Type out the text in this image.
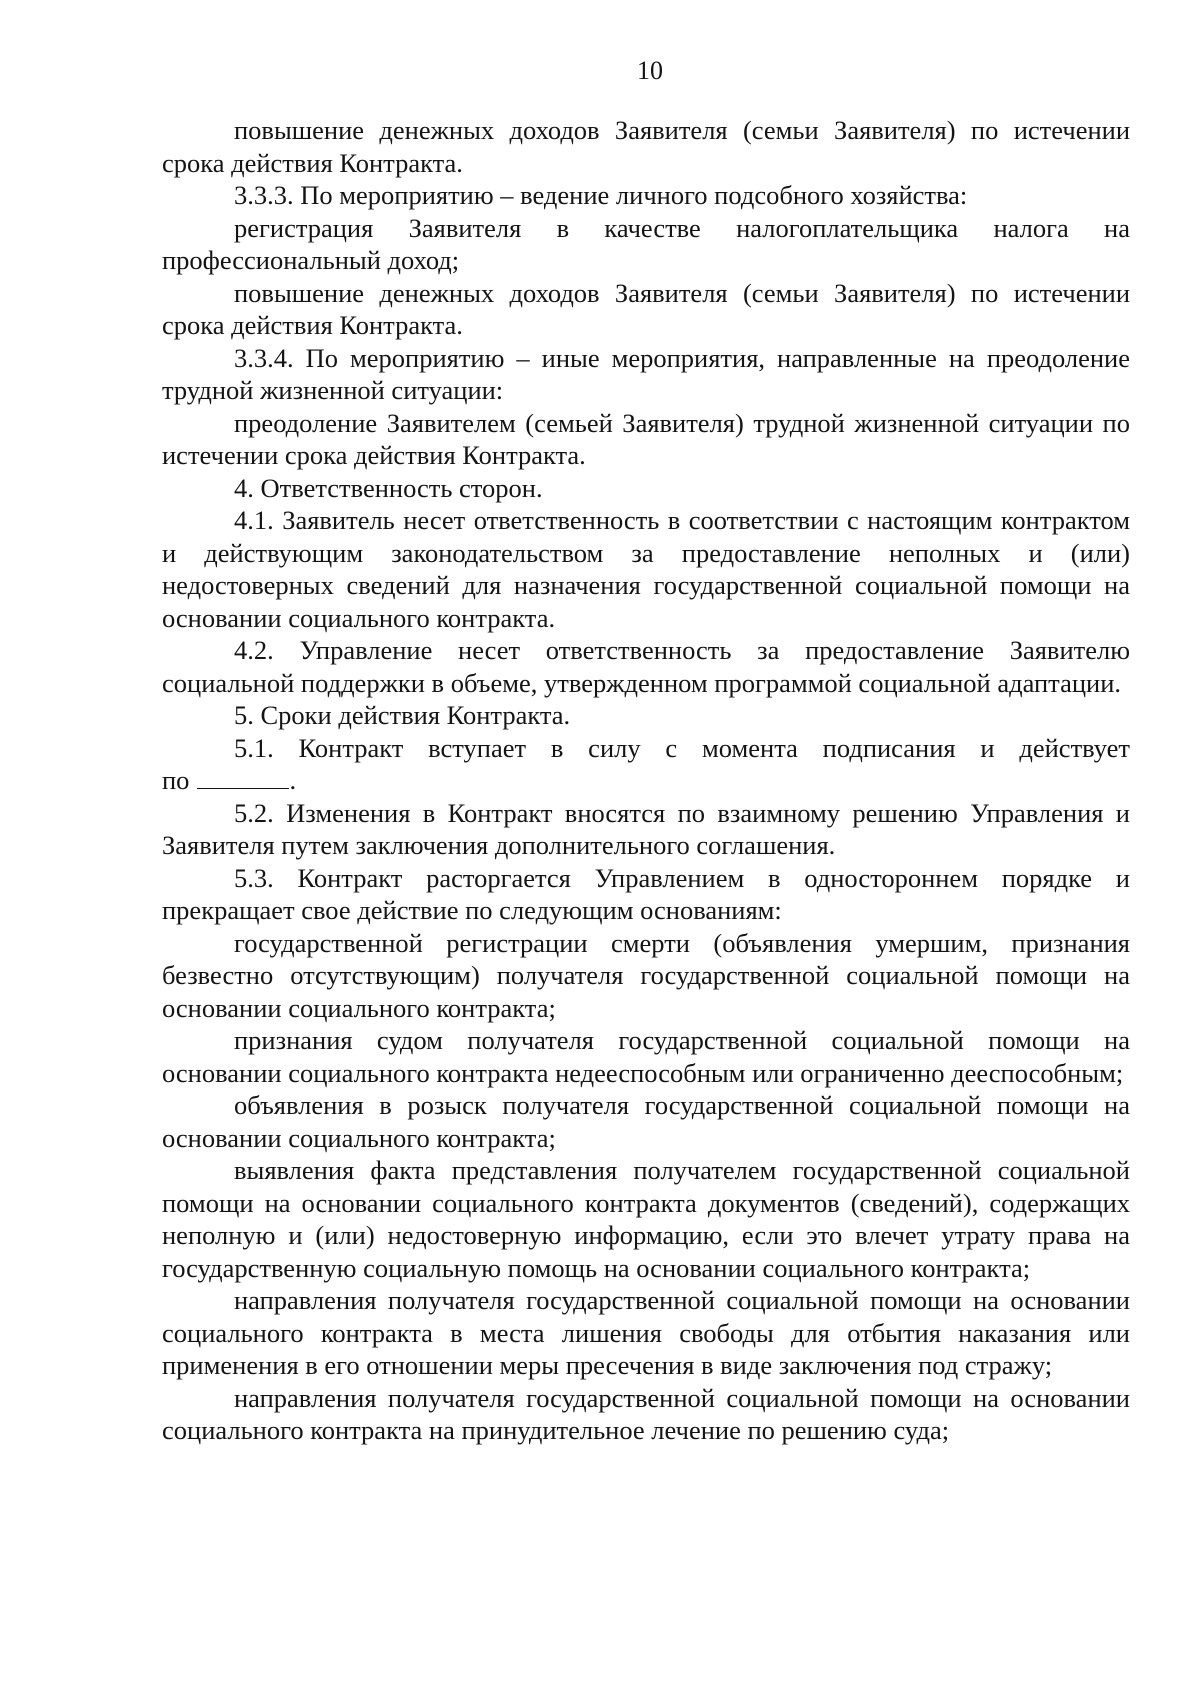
10

повышение денежных доходов Заявителя (семьи Заявителя) по истечении срока действия Контракта.

3.3.3. По мероприятию – ведение личного подсобного хозяйства:

регистрация Заявителя в качестве налогоплательщика налога на профессиональный доход;

повышение денежных доходов Заявителя (семьи Заявителя) по истечении срока действия Контракта.

3.3.4. По мероприятию – иные мероприятия, направленные на преодоление трудной жизненной ситуации:

преодоление Заявителем (семьей Заявителя) трудной жизненной ситуации по истечении срока действия Контракта.

4. Ответственность сторон.

4.1. Заявитель несет ответственность в соответствии с настоящим контрактом и действующим законодательством за предоставление неполных и (или) недостоверных сведений для назначения государственной социальной помощи на основании социального контракта.

4.2. Управление несет ответственность за предоставление Заявителю социальной поддержки в объеме, утвержденном программой социальной адаптации.

5. Сроки действия Контракта.

5.1. Контракт вступает в силу с момента подписания и действует

по	.

5.2. Изменения в Контракт вносятся по взаимному решению Управления и Заявителя путем заключения дополнительного соглашения.

5.3. Контракт расторгается Управлением в одностороннем порядке и прекращает свое действие по следующим основаниям:

государственной регистрации смерти (объявления умершим, признания безвестно отсутствующим) получателя государственной социальной помощи на основании социального контракта;

признания судом получателя государственной социальной помощи на основании социального контракта недееспособным или ограниченно дееспособным;

объявления в розыск получателя государственной социальной помощи на основании социального контракта;

выявления факта представления получателем государственной социальной помощи на основании социального контракта документов (сведений), содержащих неполную и (или) недостоверную информацию, если это влечет утрату права на государственную социальную помощь на основании социального контракта;

направления получателя государственной социальной помощи на основании социального контракта в места лишения свободы для отбытия наказания или применения в его отношении меры пресечения в виде заключения под стражу;

направления получателя государственной социальной помощи на основании социального контракта на принудительное лечение по решению суда;
